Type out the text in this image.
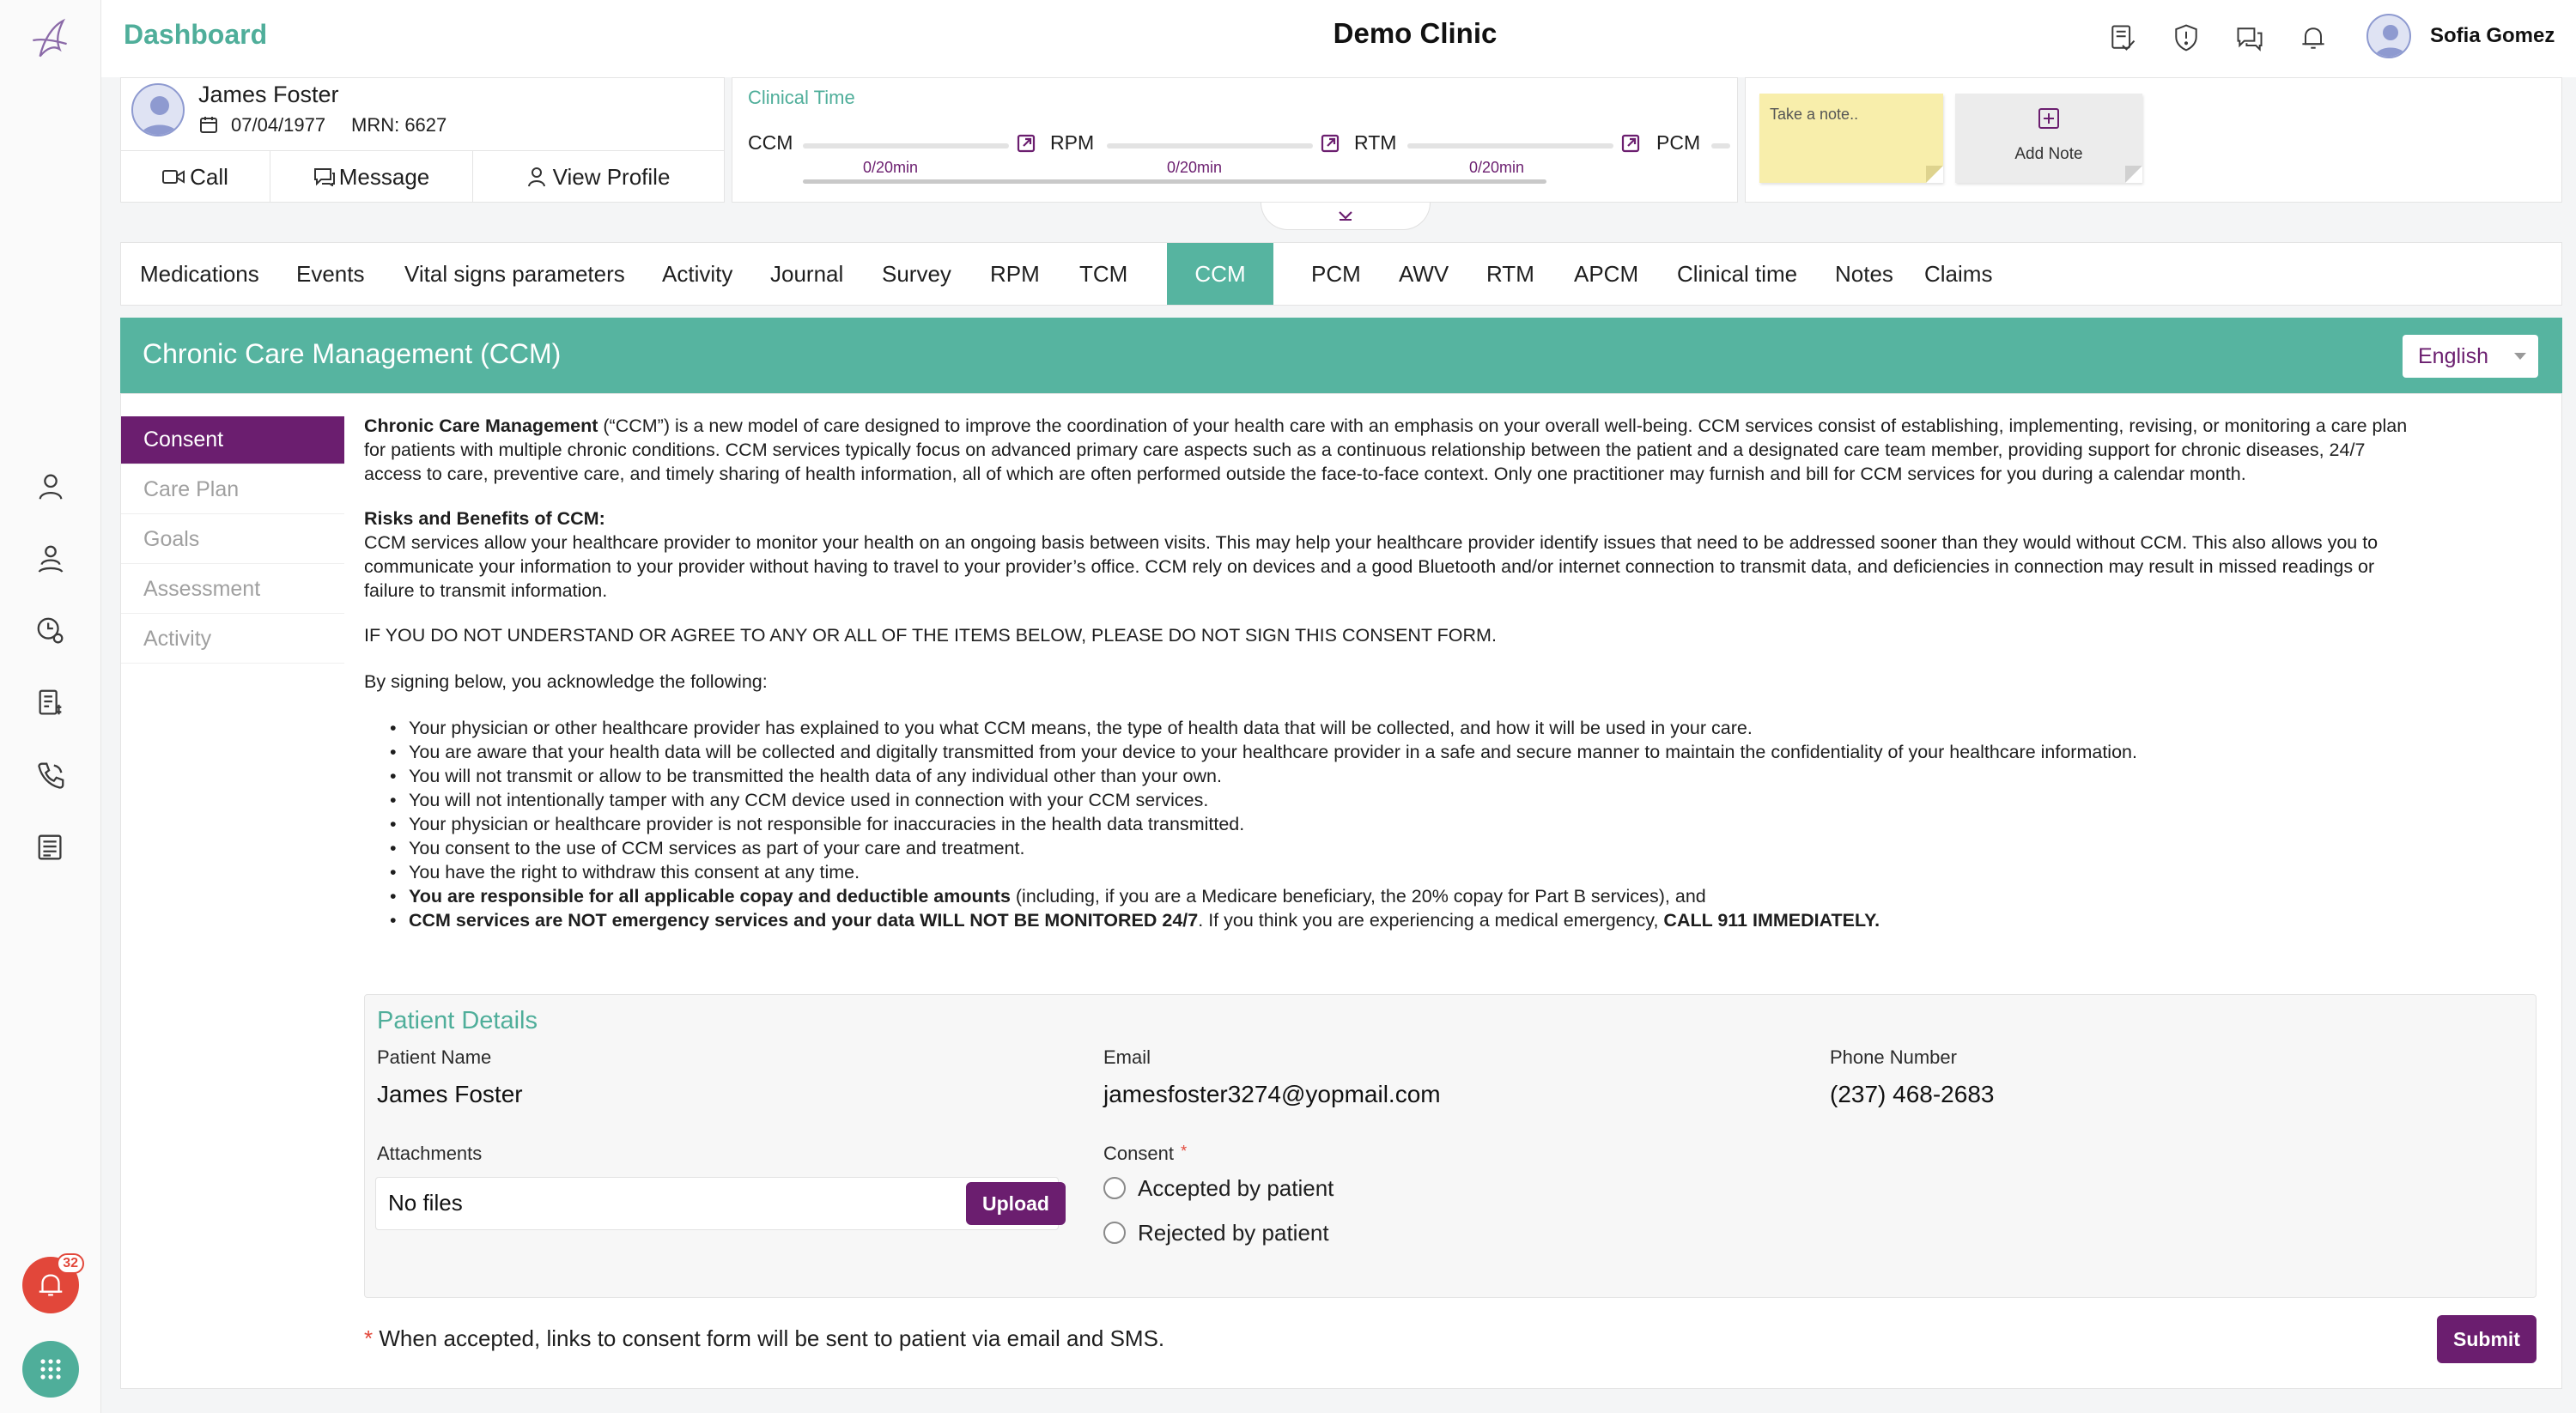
32
Dashboard	Demo Clinic	Sofia Gomez
James Foster
07/04/1977 MRN: 6627
Call	Message	View Profile
Clinical Time
CCM
0/20min
RPM
0/20min
RTM
0/20min
PCM
Take a note..
Add Note
Medications Events Vital signs parameters Activity Journal Survey RPM TCM	CCM	PCM AWV RTM APCM Clinical time Notes Claims
Chronic Care Management (CCM)	English
Consent
Care Plan
Goals
Assessment
Activity
Chronic Care Management (“CCM”) is a new model of care designed to improve the coordination of your health care with an emphasis on your overall well-being. CCM services consist of establishing, implementing, revising, or monitoring a care plan
for patients with multiple chronic conditions. CCM services typically focus on advanced primary care aspects such as a continuous relationship between the patient and a designated care team member, providing support for chronic diseases, 24/7
access to care, preventive care, and timely sharing of health information, all of which are often performed outside the face-to-face context. Only one practitioner may furnish and bill for CCM services for you during a calendar month.
Risks and Benefits of CCM:
CCM services allow your healthcare provider to monitor your health on an ongoing basis between visits. This may help your healthcare provider identify issues that need to be addressed sooner than they would without CCM. This also allows you to
communicate your information to your provider without having to travel to your provider’s office. CCM rely on devices and a good Bluetooth and/or internet connection to transmit data, and deficiencies in connection may result in missed readings or
failure to transmit information.
IF YOU DO NOT UNDERSTAND OR AGREE TO ANY OR ALL OF THE ITEMS BELOW, PLEASE DO NOT SIGN THIS CONSENT FORM.
By signing below, you acknowledge the following:
• Your physician or other healthcare provider has explained to you what CCM means, the type of health data that will be collected, and how it will be used in your care.
• You are aware that your health data will be collected and digitally transmitted from your device to your healthcare provider in a safe and secure manner to maintain the confidentiality of your healthcare information.
• You will not transmit or allow to be transmitted the health data of any individual other than your own.
• You will not intentionally tamper with any CCM device used in connection with your CCM services.
• Your physician or healthcare provider is not responsible for inaccuracies in the health data transmitted.
• You consent to the use of CCM services as part of your care and treatment.
• You have the right to withdraw this consent at any time.
• You are responsible for all applicable copay and deductible amounts (including, if you are a Medicare beneficiary, the 20% copay for Part B services), and
• CCM services are NOT emergency services and your data WILL NOT BE MONITORED 24/7. If you think you are experiencing a medical emergency, CALL 911 IMMEDIATELY.
Patient Details
Patient Name
James Foster
Email
jamesfoster3274@yopmail.com
Phone Number
(237) 468-2683
Attachments
No files	Upload
Consent *
Accepted by patient
Rejected by patient
* When accepted, links to consent form will be sent to patient via email and SMS.	Submit
